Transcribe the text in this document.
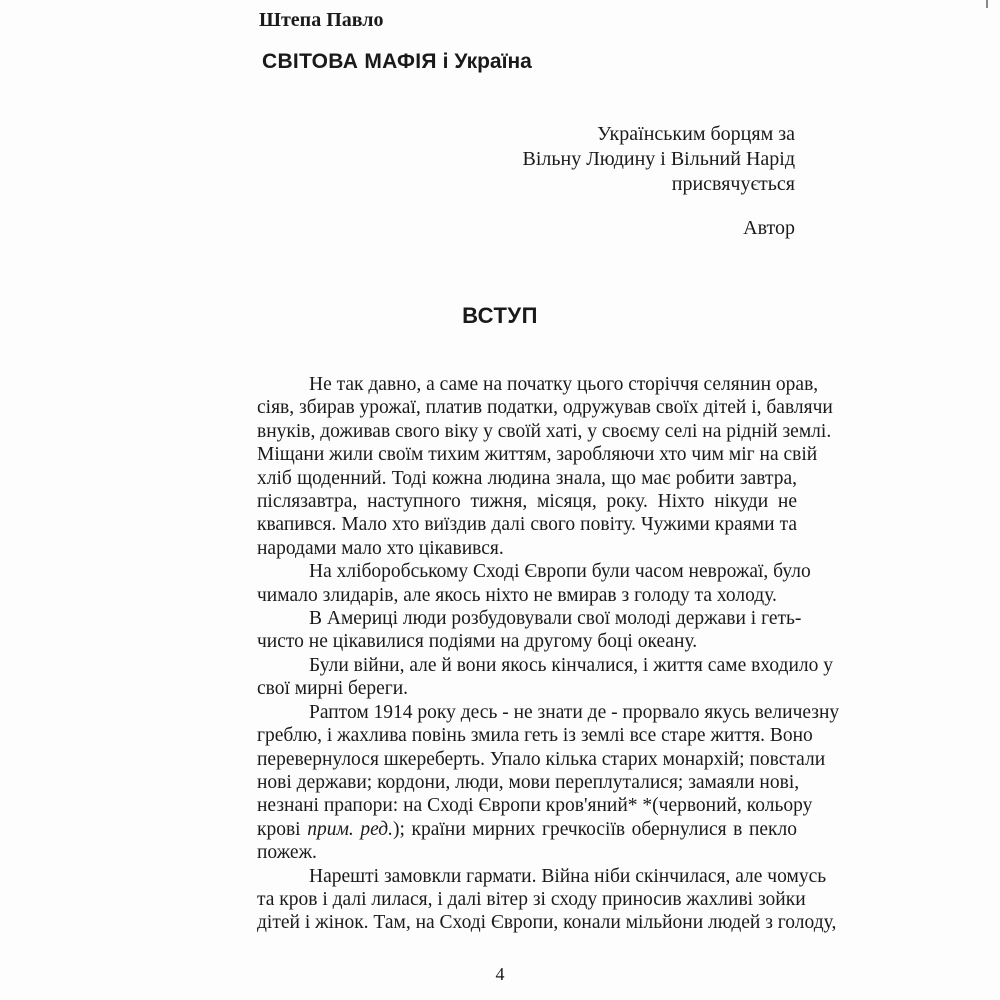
Штепа Павло
СВІТОВА МАФІЯ і Україна
Українським борцям за
Вільну Людину і Вільний Нарід
присвячується
Автор
ВСТУП
Не так давно, а саме на початку цього сторіччя селянин орав,
сіяв, збирав урожаї, платив податки, одружував своїх дітей і, бавлячи
внуків, доживав свого віку у своїй хаті, у своєму селі на рідній землі.
Міщани жили своїм тихим життям, заробляючи хто чим міг на свій
хліб щоденний. Тоді кожна людина знала, що має робити завтра,
післязавтра, наступного тижня, місяця, року. Ніхто нікуди не
квапився. Мало хто виїздив далі свого повіту. Чужими краями та
народами мало хто цікавився.
На хліборобському Сході Європи були часом неврожаї, було
чимало злидарів, але якось ніхто не вмирав з голоду та холоду.
В Америці люди розбудовували свої молоді держави і геть-
чисто не цікавилися подіями на другому боці океану.
Були війни, але й вони якось кінчалися, і життя саме входило у
свої мирні береги.
Раптом 1914 року десь - не знати де - прорвало якусь величезну
греблю, і жахлива повінь змила геть із землі все старе життя. Воно
перевернулося шкереберть. Упало кілька старих монархій; повстали
нові держави; кордони, люди, мови переплуталися; замаяли нові,
незнані прапори: на Сході Європи кров'яний* *(червоний, кольору
крові прим. ред.); країни мирних гречкосіїв обернулися в пекло
пожеж.
Нарешті замовкли гармати. Війна ніби скінчилася, але чомусь
та кров і далі лилася, і далі вітер зі сходу приносив жахливі зойки
дітей і жінок. Там, на Сході Європи, конали мільйони людей з голоду,
4
